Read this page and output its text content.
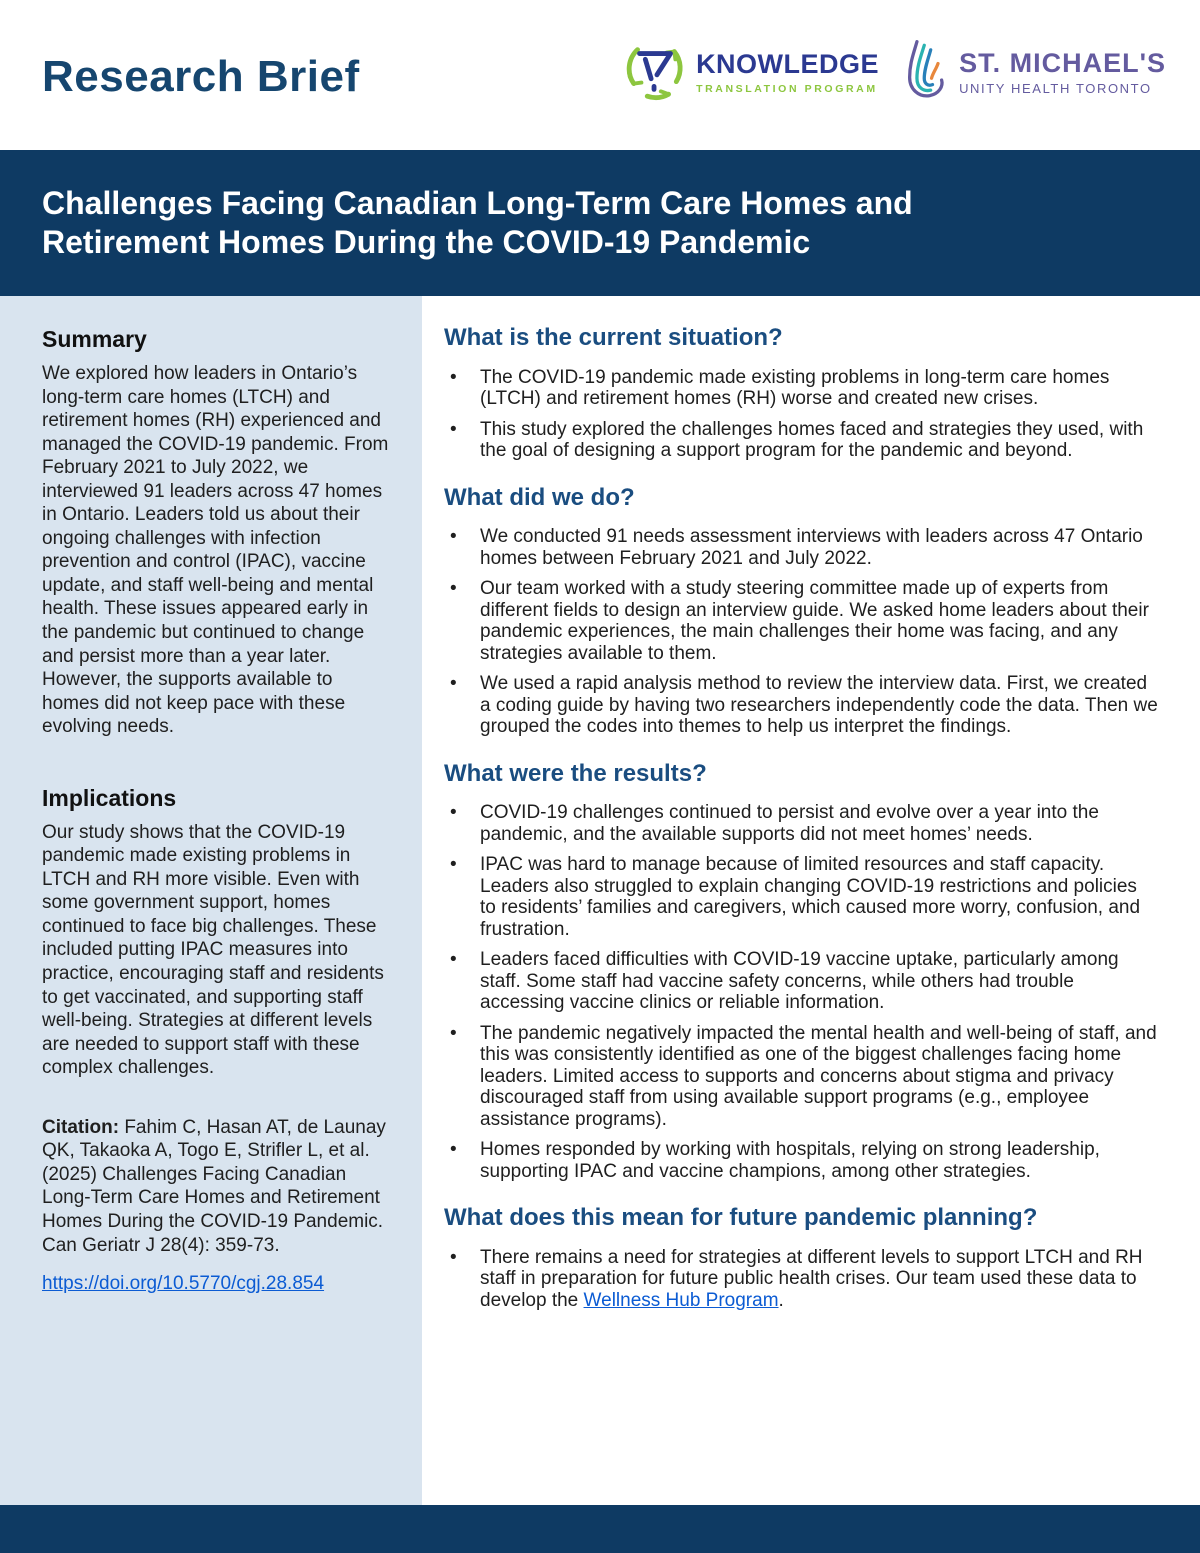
Research Brief	KNOWLEDGE
TRANSLATION PROGRAM
ST. MICHAEL'S
UNITY HEALTH TORONTO
Challenges Facing Canadian Long-Term Care Homes and Retirement Homes During the COVID-19 Pandemic
Summary

We explored how leaders in Ontario’s long-term care homes (LTCH) and retirement homes (RH) experienced and managed the COVID-19 pandemic. From February 2021 to July 2022, we interviewed 91 leaders across 47 homes in Ontario. Leaders told us about their ongoing challenges with infection prevention and control (IPAC), vaccine update, and staff well-being and mental health. These issues appeared early in the pandemic but continued to change and persist more than a year later. However, the supports available to homes did not keep pace with these evolving needs.

Implications

Our study shows that the COVID-19 pandemic made existing problems in LTCH and RH more visible. Even with some government support, homes continued to face big challenges. These included putting IPAC measures into practice, encouraging staff and residents to get vaccinated, and supporting staff well-being. Strategies at different levels are needed to support staff with these complex challenges.

Citation: Fahim C, Hasan AT, de Launay QK, Takaoka A, Togo E, Strifler L, et al. (2025) Challenges Facing Canadian Long-Term Care Homes and Retirement Homes During the COVID-19 Pandemic. Can Geriatr J 28(4): 359-73.

https://doi.org/10.5770/cgj.28.854
What is the current situation?
• The COVID-19 pandemic made existing problems in long-term care homes (LTCH) and retirement homes (RH) worse and created new crises.
• This study explored the challenges homes faced and strategies they used, with the goal of designing a support program for the pandemic and beyond.
What did we do?
• We conducted 91 needs assessment interviews with leaders across 47 Ontario homes between February 2021 and July 2022.
• Our team worked with a study steering committee made up of experts from different fields to design an interview guide. We asked home leaders about their pandemic experiences, the main challenges their home was facing, and any strategies available to them.
• We used a rapid analysis method to review the interview data. First, we created a coding guide by having two researchers independently code the data. Then we grouped the codes into themes to help us interpret the findings.
What were the results?
• COVID-19 challenges continued to persist and evolve over a year into the pandemic, and the available supports did not meet homes’ needs.
• IPAC was hard to manage because of limited resources and staff capacity. Leaders also struggled to explain changing COVID-19 restrictions and policies to residents’ families and caregivers, which caused more worry, confusion, and frustration.
• Leaders faced difficulties with COVID-19 vaccine uptake, particularly among staff. Some staff had vaccine safety concerns, while others had trouble accessing vaccine clinics or reliable information.
• The pandemic negatively impacted the mental health and well-being of staff, and this was consistently identified as one of the biggest challenges facing home leaders. Limited access to supports and concerns about stigma and privacy discouraged staff from using available support programs (e.g., employee assistance programs).
• Homes responded by working with hospitals, relying on strong leadership, supporting IPAC and vaccine champions, among other strategies.
What does this mean for future pandemic planning?
• There remains a need for strategies at different levels to support LTCH and RH staff in preparation for future public health crises. Our team used these data to develop the Wellness Hub Program.
